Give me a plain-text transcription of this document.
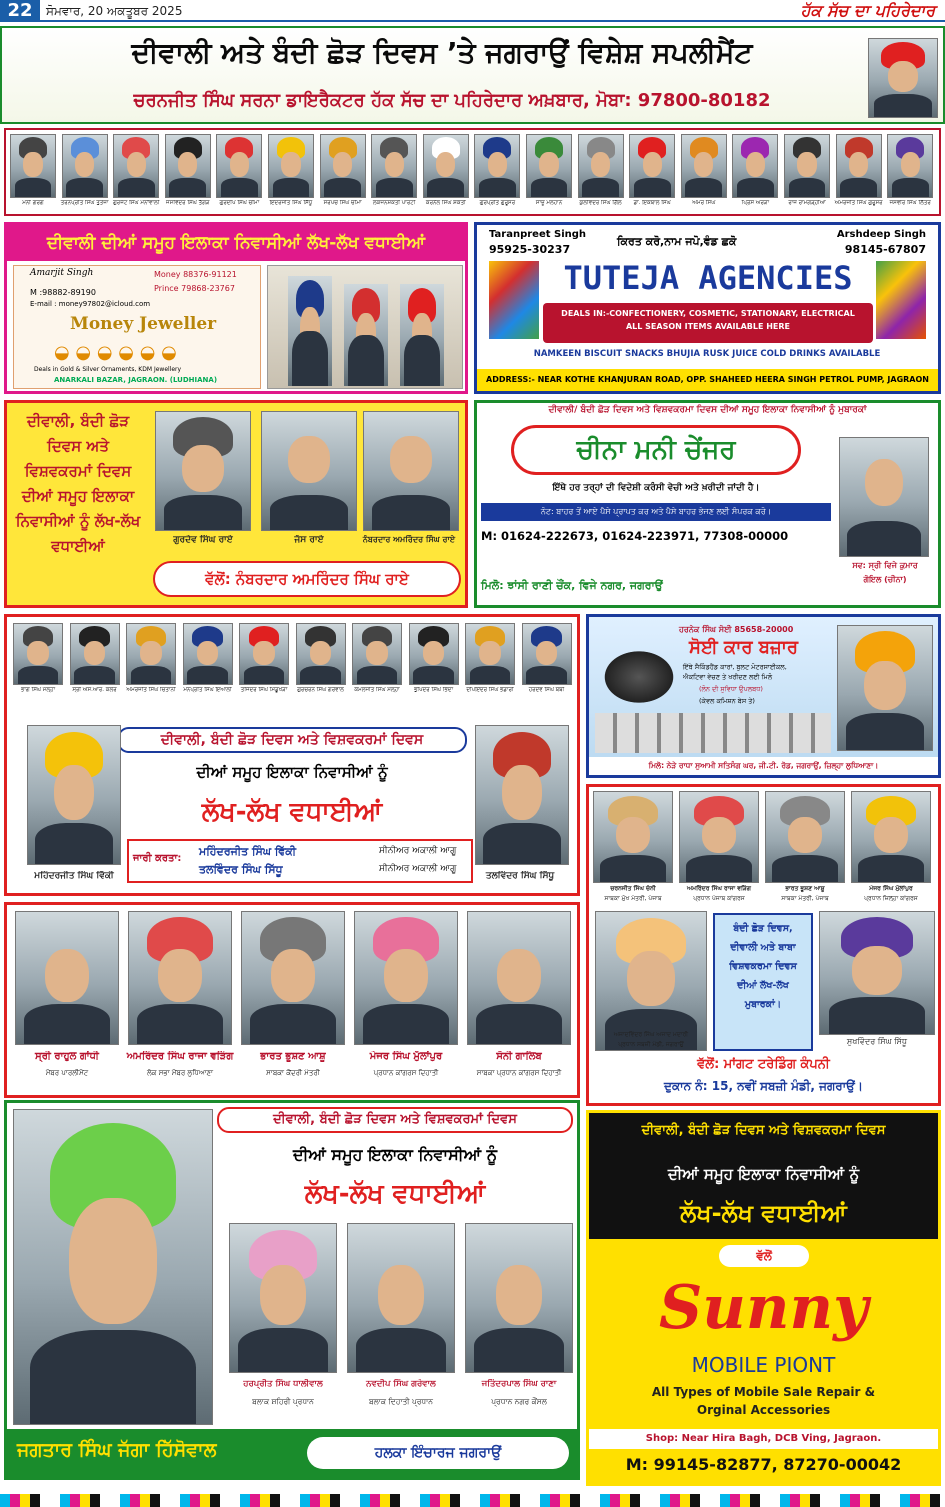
22	ਸੋਮਵਾਰ, 20 ਅਕਤੂਬਰ 2025	ਹੱਕ ਸੱਚ ਦਾ ਪਹਿਰੇਦਾਰ
ਦੀਵਾਲੀ ਅਤੇ ਬੰਦੀ ਛੋੜ ਦਿਵਸ ’ਤੇ ਜਗਰਾਉਂ ਵਿਸ਼ੇਸ਼ ਸਪਲੀਮੈਂਟ
ਚਰਨਜੀਤ ਸਿੰਘ ਸਰਨਾ ਡਾਇਰੈਕਟਰ ਹੱਕ ਸੱਚ ਦਾ ਪਹਿਰੇਦਾਰ ਅਖ਼ਬਾਰ, ਮੋਬਾ: 97800-80182
ਮਨੀ ਗਰਗ	ਤਰਨਪ੍ਰੀਤ ਸਿੰਘ ਤੁਤੇਜਾ ਗੁਰਜੰਟ ਸਿੰਘ ਮੈਨਾਂਵਾਲੀ	ਜਸਵਿੰਦਰ ਸਿੰਘ ਤੱਗੜ	ਗੁਰਦੀਪ ਸਿੰਘ ਚੀਮਾ	ਇੰਦਰਜੀਤ ਸਿੰਘ ਸਿੱਧੂ	ਸਰਪੰਚ ਸਿੰਘ ਚੀਮਾ	ਲੋਕਜਨਸ਼ਕਤੀ ਪਾਰਟੀ	ਕਰਨੈਲ ਸਿੰਘ ਸ਼ਕਤੀ	ਗੁਰਪ੍ਰੀਤ ਗੁਰੂਸਰ	ਸਾਜ਼ੂ ਮਲਹਾਨ	ਕੁਲਵਿੰਦਰ ਸਿੰਘ ਗਿੱਲ	ਡਾ. ਇਕਬਾਲ ਸਿੰਘ	ਅਮਰ ਸਿੰਘ	ਪ੍ਰਿੰਸ ਅਰੋੜਾ	ਰਾਜ ਰਾਮਗੜ੍ਹੀਆ	ਅਮਰਜੀਤ ਸਿੰਘ ਗੁਰੂਸਰ	ਜਸਵੀਰ ਸਿੰਘ ਲਿੱਤਰ
ਦੀਵਾਲੀ ਦੀਆਂ ਸਮੂਹ ਇਲਾਕਾ ਨਿਵਾਸੀਆਂ ਲੱਖ-ਲੱਖ ਵਧਾਈਆਂ
Amarjit Singh	Money 88376-91121
Prince 79868-23767
M :98882-89190
E-mail : money97802@icloud.com
Money Jeweller
◒ ◒ ◒ ◒ ◒ ◒
Deals in Gold & Silver Ornaments, KDM Jewellery
ANARKALI BAZAR, JAGRAON. (LUDHIANA)
Taranpreet Singh
95925-30237
ਕਿਰਤ ਕਰੋ,ਨਾਮ ਜਪੋ,ਵੰਡ ਛਕੋ
Arshdeep Singh
98145-67807
TUTEJA AGENCIES
DEALS IN:-CONFECTIONERY, COSMETIC, STATIONARY, ELECTRICAL
ALL SEASON ITEMS AVAILABLE HERE
NAMKEEN BISCUIT SNACKS BHUJIA RUSK JUICE COLD DRINKS AVAILABLE
ADDRESS:- NEAR KOTHE KHANJURAN ROAD, OPP. SHAHEED HEERA SINGH PETROL PUMP, JAGRAON
ਦੀਵਾਲੀ, ਬੰਦੀ ਛੋੜ ਦਿਵਸ ਅਤੇ ਵਿਸ਼ਵਕਰਮਾਂ ਦਿਵਸ ਦੀਆਂ ਸਮੂਹ ਇਲਾਕਾ ਨਿਵਾਸੀਆਂ ਨੂੰ ਲੱਖ-ਲੱਖ ਵਧਾਈਆਂ	ਗੁਰਦੇਵ ਸਿੰਘ ਰਾਏ	ਜੱਸ ਰਾਏ	ਨੰਬਰਦਾਰ ਅਮਰਿੰਦਰ ਸਿੰਘ ਰਾਏ
ਵੱਲੋਂ: ਨੰਬਰਦਾਰ ਅਮਰਿੰਦਰ ਸਿੰਘ ਰਾਏ
ਦੀਵਾਲੀ/ ਬੰਦੀ ਛੋੜ ਦਿਵਸ ਅਤੇ ਵਿਸ਼ਵਕਰਮਾ ਦਿਵਸ ਦੀਆਂ ਸਮੂਹ ਇਲਾਕਾ ਨਿਵਾਸੀਆਂ ਨੂੰ ਮੁਬਾਰਕਾਂ
ਚੀਨਾ ਮਨੀ ਚੇਂਜਰ
ਇੱਥੇ ਹਰ ਤਰ੍ਹਾਂ ਦੀ ਵਿਦੇਸ਼ੀ ਕਰੰਸੀ ਵੇਚੀ ਅਤੇ ਖ਼ਰੀਦੀ ਜਾਂਦੀ ਹੈ।
ਨੋਟ: ਬਾਹਰ ਤੋਂ ਆਏ ਪੈਸੇ ਪ੍ਰਾਪਤ ਕਰ ਅਤੇ ਪੈਸੇ ਬਾਹਰ ਭੇਜਣ ਲਈ ਸੰਪਰਕ ਕਰੋ।
M: 01624-222673, 01624-223971, 77308-00000
ਸਵ: ਸ੍ਰੀ ਵਿਜੇ ਕੁਮਾਰ
ਗੋਇਲ (ਚੀਨਾ)
ਮਿਲੋ: ਝਾਂਸੀ ਰਾਣੀ ਚੌਂਕ, ਵਿਜੇ ਨਗਰ, ਜਗਰਾਉਂ
ਦੀਵਾਲੀ, ਬੰਦੀ ਛੋੜ ਦਿਵਸ ਅਤੇ ਵਿਸ਼ਵਕਰਮਾਂ ਦਿਵਸ
ਦੀਆਂ ਸਮੂਹ ਇਲਾਕਾ ਨਿਵਾਸੀਆਂ ਨੂੰ
ਲੱਖ-ਲੱਖ ਵਧਾਈਆਂ
ਜਾਰੀ ਕਰਤਾ:
ਮਹਿੰਦਰਜੀਤ ਸਿੰਘ ਵਿੱਕੀ	ਸੀਨੀਅਰ ਅਕਾਲੀ ਆਗੂ
ਤਲਵਿੰਦਰ ਸਿੰਘ ਸਿੱਧੂ	ਸੀਨੀਅਰ ਅਕਾਲੀ ਆਗੂ
ਮਹਿੰਦਰਜੀਤ ਸਿੰਘ ਵਿੱਕੀ	ਤਲਵਿੰਦਰ ਸਿੰਘ ਸਿੱਧੂ
ਭਾਗ ਸਿੰਘ ਮੱਲ੍ਹਾ	ਸ੍ਰੀ ਐਸ.ਆਰ. ਕਲੇਰ	ਅਮਰਜੀਤ ਸਿੰਘ ਚਿਤਾਨੀ	ਮਨਪ੍ਰੀਤ ਸਿੰਘ ਇਆਲੀ	ਤਜਿੰਦਰ ਸਿੰਘ ਮਿੱਡੂਖੇੜਾ	ਗੁਰਚਰਨ ਸਿੰਘ ਗਰੇਵਾਲ	ਕਮਲਜੀਤ ਸਿੰਘ ਮੱਲ੍ਹਾ	ਭੁਪਿੰਦਰ ਸਿੰਘ ਭਿੰਦਾ	ਦੀਪਇੰਦਰ ਸਿੰਘ ਭੰਡਾਰੀ	ਹਰਦੇਵ ਸਿੰਘ ਬੋਬੀ
ਹਰਨੇਕ ਸਿੰਘ ਸੋਈ 85658-20000
ਸੋਈ ਕਾਰ ਬਜ਼ਾਰ
ਇੱਥੇ ਸੈਕਿੰਡਹੈਂਡ ਕਾਰਾਂ, ਬੁਲਟ ਮੋਟਰਸਾਈਕਲ,
ਐਕਟਿਵਾ ਵੇਚਣ ਤੇ ਖਰੀਦਣ ਲਈ ਮਿਲੋ
(ਲੋਨ ਦੀ ਸੁਵਿਧਾ ਉਪਲਬਧ)
(ਕੇਵਲ ਕਮਿਸ਼ਨ ਬੇਸ ਤੇ)
ਮਿਲੋ: ਨੇੜੇ ਰਾਧਾ ਸੁਆਮੀ ਸਤਿਸੰਗ ਘਰ, ਜੀ.ਟੀ. ਰੋਡ, ਜਗਰਾਉਂ, ਜ਼ਿਲ੍ਹਾ ਲੁਧਿਆਣਾ।
ਅਜਾਦਵਿੰਦਰ ਸਿੰਘ ਅਜਾਦ ਮਦਾਰੀ
ਪ੍ਰਧਾਨ ਸਬਜ਼ੀ ਮੰਡੀ, ਜਗਰਾਉਂ
ਬੰਦੀ ਛੋੜ ਦਿਵਸ, ਦੀਵਾਲੀ ਅਤੇ ਬਾਬਾ ਵਿਸ਼ਵਕਰਮਾ ਦਿਵਸ ਦੀਆਂ ਲੱਖ-ਲੱਖ ਮੁਬਾਰਕਾਂ।
ਸੁਖਵਿੰਦਰ ਸਿੰਘ ਸਿੱਧੂ
ਵੱਲੋਂ: ਮਾਂਗਟ ਟਰੇਡਿੰਗ ਕੰਪਨੀ
ਦੁਕਾਨ ਨੰ: 15, ਨਵੀਂ ਸਬਜ਼ੀ ਮੰਡੀ, ਜਗਰਾਉਂ।
ਚਰਨਜੀਤ ਸਿੰਘ ਚੰਨੀ
ਸਾਬਕਾ ਮੁੱਖ ਮੰਤਰੀ, ਪੰਜਾਬ
ਅਮਰਿੰਦਰ ਸਿੰਘ ਰਾਜਾ ਵੜਿੰਗ
ਪ੍ਰਧਾਨ ਪੰਜਾਬ ਕਾਂਗਰਸ
ਭਾਰਤ ਭੂਸ਼ਣ ਆਸ਼ੂ
ਸਾਬਕਾ ਮੰਤਰੀ, ਪੰਜਾਬ
ਮੇਜਰ ਸਿੰਘ ਮੁੱਲਾਂਪੁਰ
ਪ੍ਰਧਾਨ ਜ਼ਿਲ੍ਹਾ ਕਾਂਗਰਸ
ਸ੍ਰੀ ਰਾਹੁਲ ਗਾਂਧੀ
ਮੈਂਬਰ ਪਾਰਲੀਮੈਂਟ
ਅਮਰਿੰਦਰ ਸਿੰਘ ਰਾਜਾ ਵੜਿੰਗ
ਲੋਕ ਸਭਾ ਮੈਂਬਰ ਲੁਧਿਆਣਾ
ਭਾਰਤ ਭੂਸ਼ਣ ਆਸ਼ੂ
ਸਾਬਕਾ ਕੈਂਦਰੀ ਮੰਤਰੀ
ਮੇਜਰ ਸਿੰਘ ਮੁੱਲਾਂਪੁਰ
ਪ੍ਰਧਾਨ ਕਾਂਗਰਸ ਦਿਹਾਤੀ
ਸੋਨੀ ਗਾਲਿਬ
ਸਾਬਕਾ ਪ੍ਰਧਾਨ ਕਾਂਗਰਸ ਦਿਹਾਤੀ
ਦੀਵਾਲੀ, ਬੰਦੀ ਛੋੜ ਦਿਵਸ ਅਤੇ ਵਿਸ਼ਵਕਰਮਾਂ ਦਿਵਸ
ਦੀਆਂ ਸਮੂਹ ਇਲਾਕਾ ਨਿਵਾਸੀਆਂ ਨੂੰ
ਲੱਖ-ਲੱਖ ਵਧਾਈਆਂ
ਜਗਤਾਰ ਸਿੰਘ ਜੱਗਾ ਹਿੱਸੋਵਾਲ	ਹਲਕਾ ਇੰਚਾਰਜ ਜਗਰਾਉਂ
ਹਰਪ੍ਰੀਤ ਸਿੰਘ ਧਾਲੀਵਾਲ
ਬਲਾਕ ਸ਼ਹਿਰੀ ਪ੍ਰਧਾਨ
ਨਵਦੀਪ ਸਿੰਘ ਗਰੇਵਾਲ
ਬਲਾਕ ਦਿਹਾਤੀ ਪ੍ਰਧਾਨ
ਜਤਿੰਦਰਪਾਲ ਸਿੰਘ ਰਾਣਾ
ਪ੍ਰਧਾਨ ਨਗਰ ਕੌਂਸਲ
ਦੀਵਾਲੀ, ਬੰਦੀ ਛੋੜ ਦਿਵਸ ਅਤੇ ਵਿਸ਼ਵਕਰਮਾ ਦਿਵਸ
ਦੀਆਂ ਸਮੂਹ ਇਲਾਕਾ ਨਿਵਾਸੀਆਂ ਨੂੰ
ਲੱਖ-ਲੱਖ ਵਧਾਈਆਂ
ਵੱਲੋਂ
Sunny
MOBILE PIONT
All Types of Mobile Sale Repair &
Orginal Accessories
Shop: Near Hira Bagh, DCB Ving, Jagraon.
M: 99145-82877, 87270-00042
